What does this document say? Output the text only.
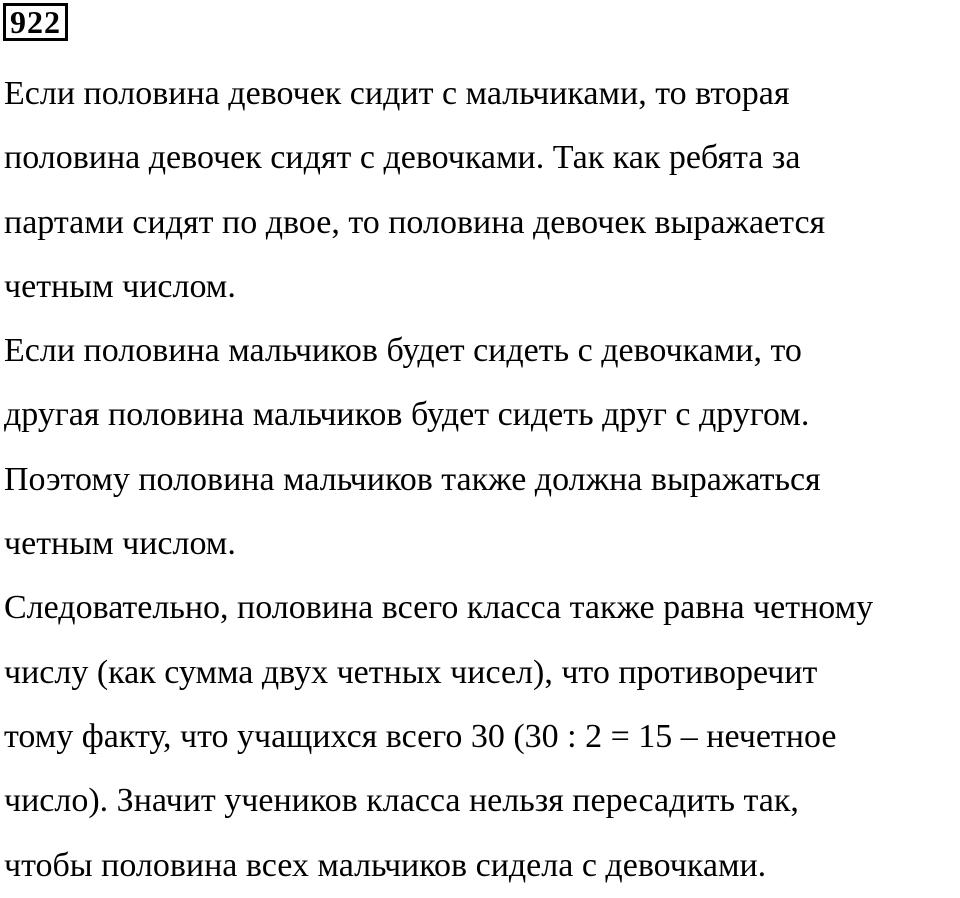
922
Если половина девочек сидит с мальчиками, то вторая
половина девочек сидят с девочками. Так как ребята за
партами сидят по двое, то половина девочек выражается
четным числом.
Если половина мальчиков будет сидеть с девочками, то
другая половина мальчиков будет сидеть друг с другом.
Поэтому половина мальчиков также должна выражаться
четным числом.
Следовательно, половина всего класса также равна четному
числу (как сумма двух четных чисел), что противоречит
тому факту, что учащихся всего 30 (30 : 2 = 15 – нечетное
число). Значит учеников класса нельзя пересадить так,
чтобы половина всех мальчиков сидела с девочками.
